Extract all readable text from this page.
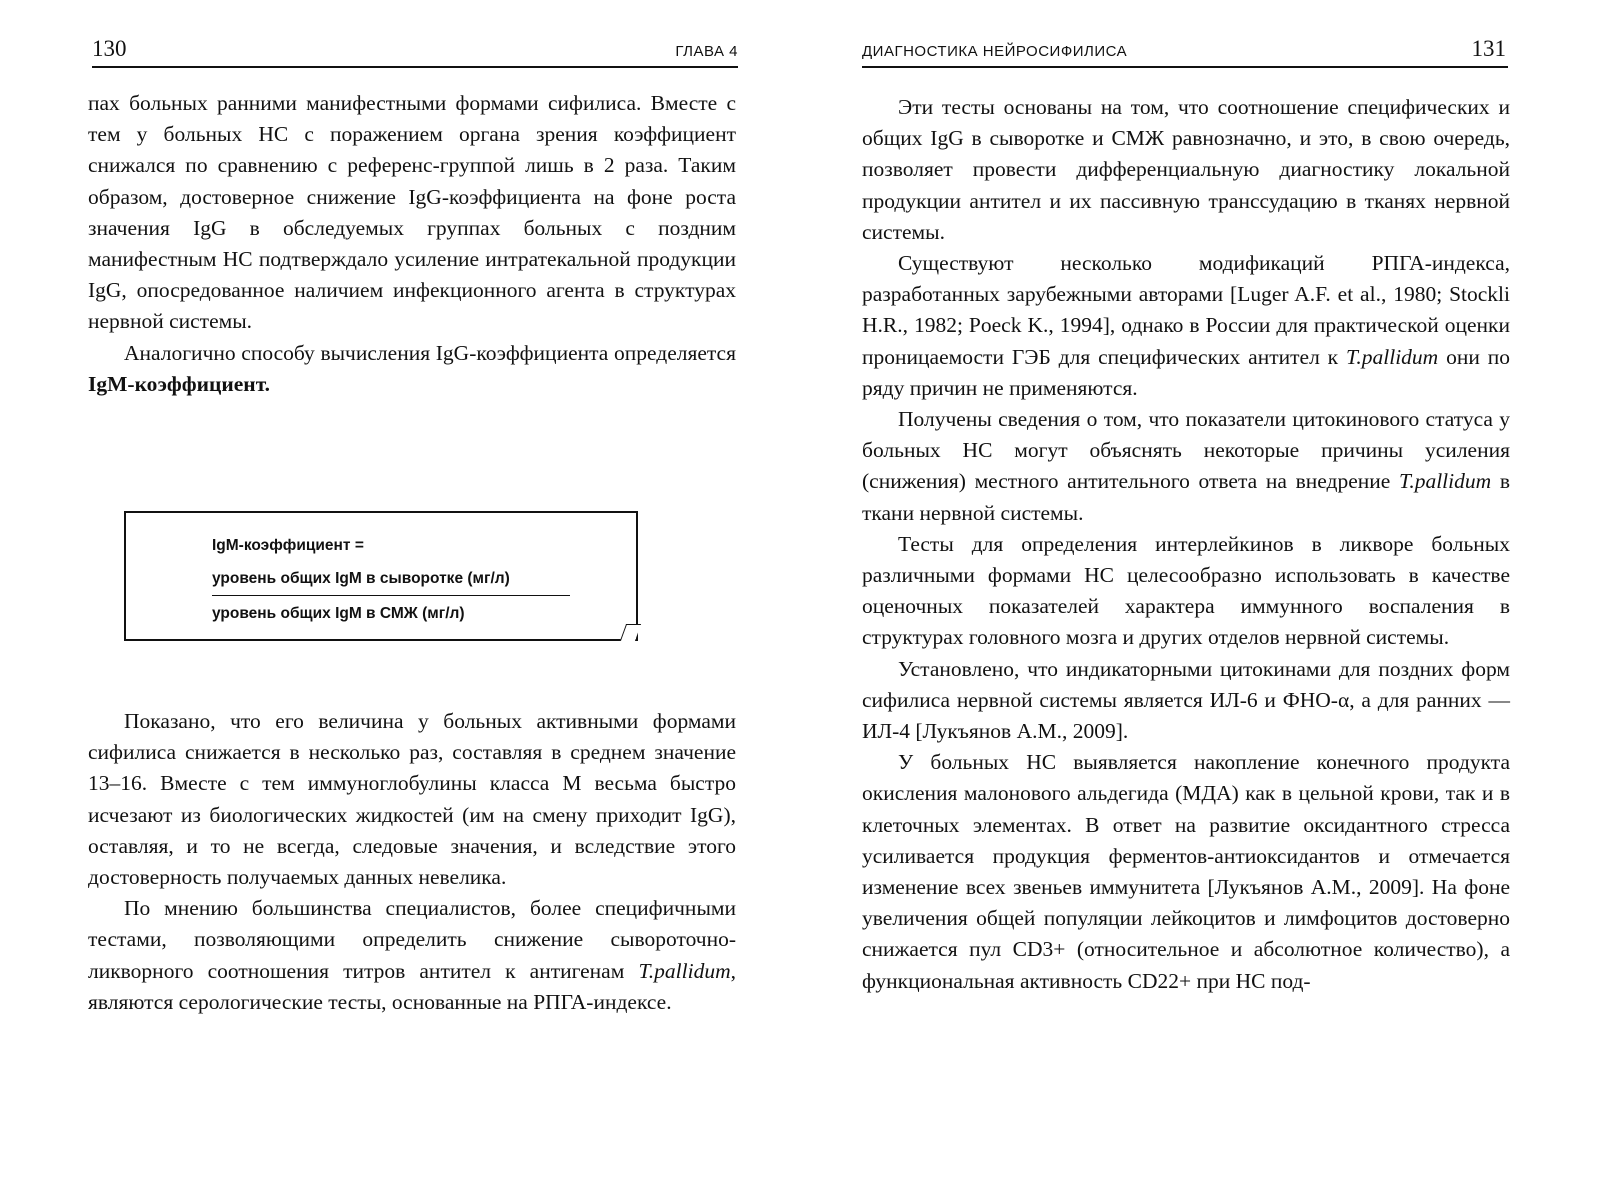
130	ГЛАВА 4

пах больных ранними манифестными формами сифилиса. Вместе с тем у больных НС с поражением органа зрения коэффициент снижался по сравнению с референс-группой лишь в 2 раза. Таким образом, достоверное снижение IgG-коэффициента на фоне роста значения IgG в обследуемых группах больных с поздним манифестным НС подтверждало усиление интратекальной продукции IgG, опосредованное наличием инфекционного агента в структурах нервной системы.

Аналогично способу вычисления IgG-коэффициента определяется IgM-коэффициент.

IgM-коэффициент =
уровень общих IgM в сыворотке (мг/л)
уровень общих IgM в СМЖ (мг/л)

Показано, что его величина у больных активными формами сифилиса снижается в несколько раз, составляя в среднем значение 13–16. Вместе с тем иммуноглобулины класса М весьма быстро исчезают из биологических жидкостей (им на смену приходит IgG), оставляя, и то не всегда, следовые значения, и вследствие этого достоверность получаемых данных невелика.

По мнению большинства специалистов, более специфичными тестами, позволяющими определить снижение сывороточно-ликворного соотношения титров антител к антигенам T.pallidum, являются серологические тесты, основанные на РПГА-индексе.

ДИАГНОСТИКА НЕЙРОСИФИЛИСА	131

Эти тесты основаны на том, что соотношение специфических и общих IgG в сыворотке и СМЖ равнозначно, и это, в свою очередь, позволяет провести дифференциальную диагностику локальной продукции антител и их пассивную транссудацию в тканях нервной системы.

Существуют несколько модификаций РПГА-индекса, разработанных зарубежными авторами [Luger A.F. et al., 1980; Stockli H.R., 1982; Poeck K., 1994], однако в России для практической оценки проницаемости ГЭБ для специфических антител к T.pallidum они по ряду причин не применяются.

Получены сведения о том, что показатели цитокинового статуса у больных НС могут объяснять некоторые причины усиления (снижения) местного антительного ответа на внедрение T.pallidum в ткани нервной системы.

Тесты для определения интерлейкинов в ликворе больных различными формами НС целесообразно использовать в качестве оценочных показателей характера иммунного воспаления в структурах головного мозга и других отделов нервной системы.

Установлено, что индикаторными цитокинами для поздних форм сифилиса нервной системы является ИЛ-6 и ФНО-α, а для ранних — ИЛ-4 [Лукъянов А.М., 2009].

У больных НС выявляется накопление конечного продукта окисления малонового альдегида (МДА) как в цельной крови, так и в клеточных элементах. В ответ на развитие оксидантного стресса усиливается продукция ферментов-антиоксидантов и отмечается изменение всех звеньев иммунитета [Лукъянов А.М., 2009]. На фоне увеличения общей популяции лейкоцитов и лимфоцитов достоверно снижается пул CD3+ (относительное и абсолютное количество), а функциональная активность CD22+ при НС под-
